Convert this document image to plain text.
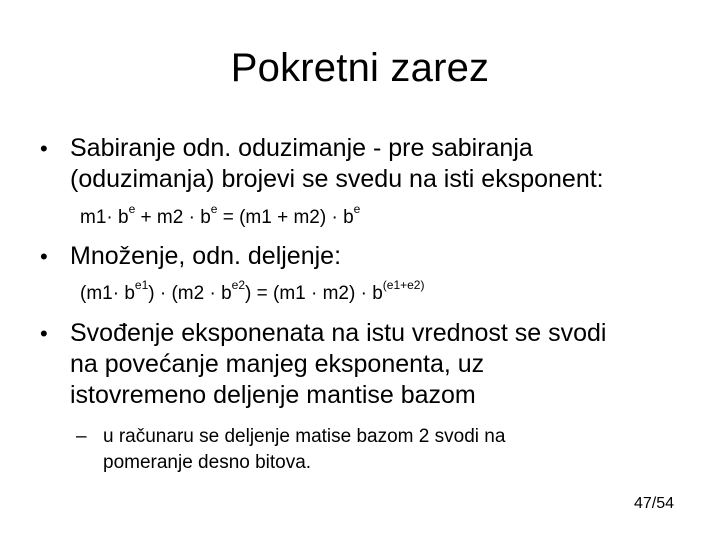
Pokretni zarez
• Sabiranje odn. oduzimanje - pre sabiranja
(oduzimanja) brojevi se svedu na isti eksponent:
$m1\cdot b^e + m2 \cdot b^e = (m1 + m2) \cdot b^e$
• Množenje, odn. deljenje:
$(m1\cdot b^{e1}) \cdot (m2 \cdot b^{e2}) = (m1 \cdot m2) \cdot b^{(e1+e2)}$
• Svođenje eksponenata na istu vrednost se svodi
na povećanje manjeg eksponenta, uz
istovremeno deljenje mantise bazom
– u računaru se deljenje matise bazom 2 svodi na
pomeranje desno bitova.
47/54
